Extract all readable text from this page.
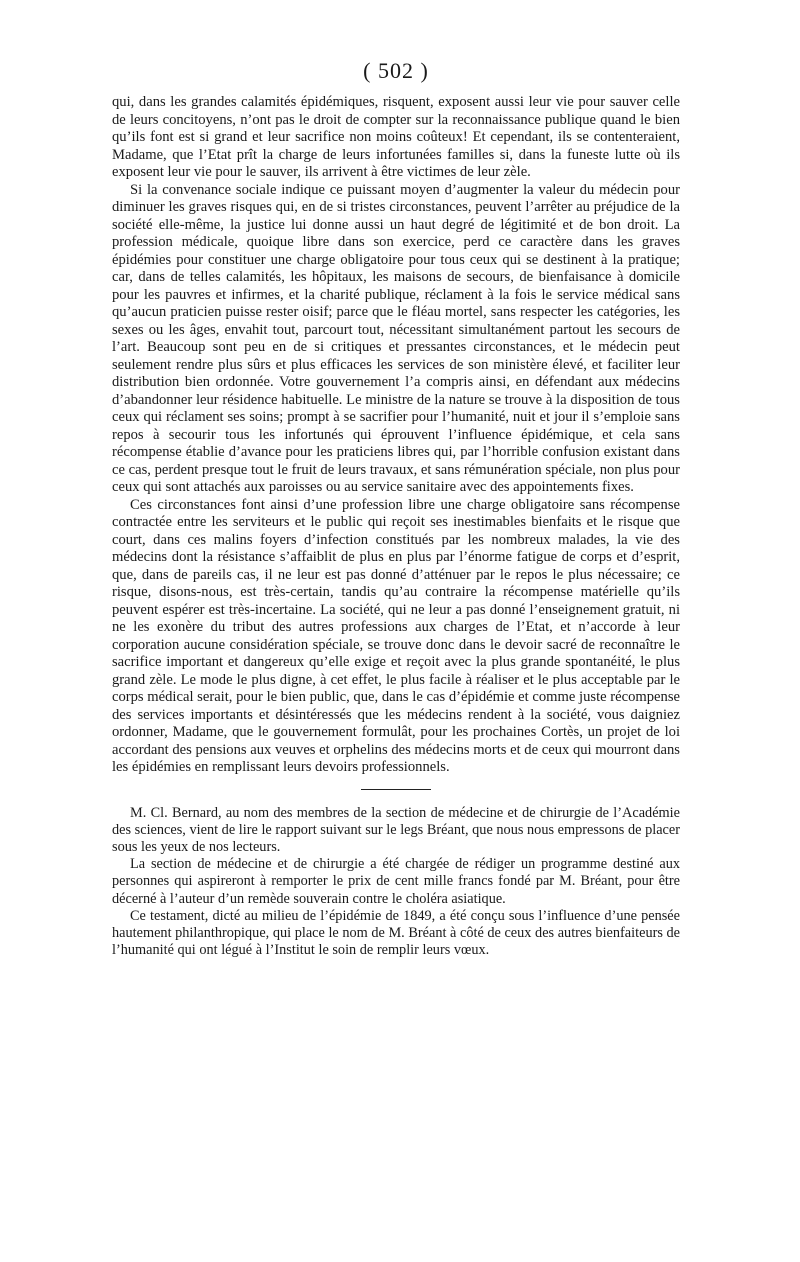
( 502 )

qui, dans les grandes calamités épidémiques, risquent, exposent aussi leur vie pour sauver celle de leurs concitoyens, n’ont pas le droit de compter sur la reconnaissance publique quand le bien qu’ils font est si grand et leur sacrifice non moins coûteux! Et cependant, ils se contenteraient, Madame, que l’Etat prît la charge de leurs infortunées familles si, dans la funeste lutte où ils exposent leur vie pour le sauver, ils arrivent à être victimes de leur zèle.

Si la convenance sociale indique ce puissant moyen d’augmenter la valeur du médecin pour diminuer les graves risques qui, en de si tristes circonstances, peuvent l’arrêter au préjudice de la société elle-même, la justice lui donne aussi un haut degré de légitimité et de bon droit. La profession médicale, quoique libre dans son exercice, perd ce caractère dans les graves épidémies pour constituer une charge obligatoire pour tous ceux qui se destinent à la pratique; car, dans de telles calamités, les hôpitaux, les maisons de secours, de bienfaisance à domicile pour les pauvres et infirmes, et la charité publique, réclament à la fois le service médical sans qu’aucun praticien puisse rester oisif; parce que le fléau mortel, sans respecter les catégories, les sexes ou les âges, envahit tout, parcourt tout, nécessitant simultanément partout les secours de l’art. Beaucoup sont peu en de si critiques et pressantes circonstances, et le médecin peut seulement rendre plus sûrs et plus efficaces les services de son ministère élevé, et faciliter leur distribution bien ordonnée. Votre gouvernement l’a compris ainsi, en défendant aux médecins d’abandonner leur résidence habituelle. Le ministre de la nature se trouve à la disposition de tous ceux qui réclament ses soins; prompt à se sacrifier pour l’humanité, nuit et jour il s’emploie sans repos à secourir tous les infortunés qui éprouvent l’influence épidémique, et cela sans récompense établie d’avance pour les praticiens libres qui, par l’horrible confusion existant dans ce cas, perdent presque tout le fruit de leurs travaux, et sans rémunération spéciale, non plus pour ceux qui sont attachés aux paroisses ou au service sanitaire avec des appointements fixes.

Ces circonstances font ainsi d’une profession libre une charge obligatoire sans récompense contractée entre les serviteurs et le public qui reçoit ses inestimables bienfaits et le risque que court, dans ces malins foyers d’infection constitués par les nombreux malades, la vie des médecins dont la résistance s’affaiblit de plus en plus par l’énorme fatigue de corps et d’esprit, que, dans de pareils cas, il ne leur est pas donné d’atténuer par le repos le plus nécessaire; ce risque, disons-nous, est très-certain, tandis qu’au contraire la récompense matérielle qu’ils peuvent espérer est très-incertaine. La société, qui ne leur a pas donné l’enseignement gratuit, ni ne les exonère du tribut des autres professions aux charges de l’Etat, et n’accorde à leur corporation aucune considération spéciale, se trouve donc dans le devoir sacré de reconnaître le sacrifice important et dangereux qu’elle exige et reçoit avec la plus grande spontanéité, le plus grand zèle. Le mode le plus digne, à cet effet, le plus facile à réaliser et le plus acceptable par le corps médical serait, pour le bien public, que, dans le cas d’épidémie et comme juste récompense des services importants et désintéressés que les médecins rendent à la société, vous daigniez ordonner, Madame, que le gouvernement formulât, pour les prochaines Cortès, un projet de loi accordant des pensions aux veuves et orphelins des médecins morts et de ceux qui mourront dans les épidémies en remplissant leurs devoirs professionnels.

M. Cl. Bernard, au nom des membres de la section de médecine et de chirurgie de l’Académie des sciences, vient de lire le rapport suivant sur le legs Bréant, que nous nous empressons de placer sous les yeux de nos lecteurs.

La section de médecine et de chirurgie a été chargée de rédiger un programme destiné aux personnes qui aspireront à remporter le prix de cent mille francs fondé par M. Bréant, pour être décerné à l’auteur d’un remède souverain contre le choléra asiatique.

Ce testament, dicté au milieu de l’épidémie de 1849, a été conçu sous l’influence d’une pensée hautement philanthropique, qui place le nom de M. Bréant à côté de ceux des autres bienfaiteurs de l’humanité qui ont légué à l’Institut le soin de remplir leurs vœux.
